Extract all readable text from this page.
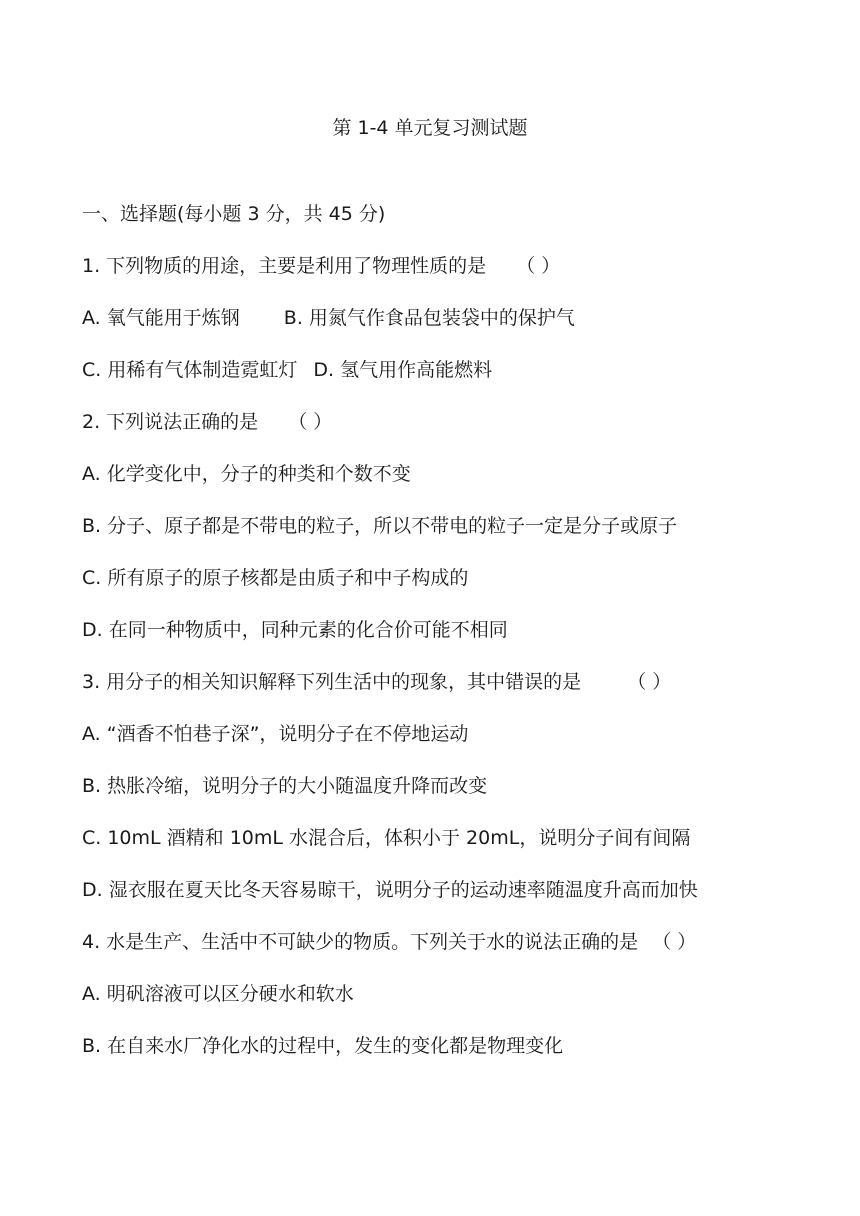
第 1-4 单元复习测试题
一、选择题(每小题 3 分，共 45 分)
1. 下列物质的用途，主要是利用了物理性质的是 （ ）
A. 氧气能用于炼钢 B. 用氮气作食品包装袋中的保护气
C. 用稀有气体制造霓虹灯 D. 氢气用作高能燃料
2. 下列说法正确的是 （ ）
A. 化学变化中，分子的种类和个数不变
B. 分子、原子都是不带电的粒子，所以不带电的粒子一定是分子或原子
C. 所有原子的原子核都是由质子和中子构成的
D. 在同一种物质中，同种元素的化合价可能不相同
3. 用分子的相关知识解释下列生活中的现象，其中错误的是 （ ）
A. “酒香不怕巷子深”，说明分子在不停地运动
B. 热胀冷缩，说明分子的大小随温度升降而改变
C. 10mL 酒精和 10mL 水混合后，体积小于 20mL，说明分子间有间隔
D. 湿衣服在夏天比冬天容易晾干，说明分子的运动速率随温度升高而加快
4. 水是生产、生活中不可缺少的物质。下列关于水的说法正确的是 （ ）
A. 明矾溶液可以区分硬水和软水
B. 在自来水厂净化水的过程中，发生的变化都是物理变化
